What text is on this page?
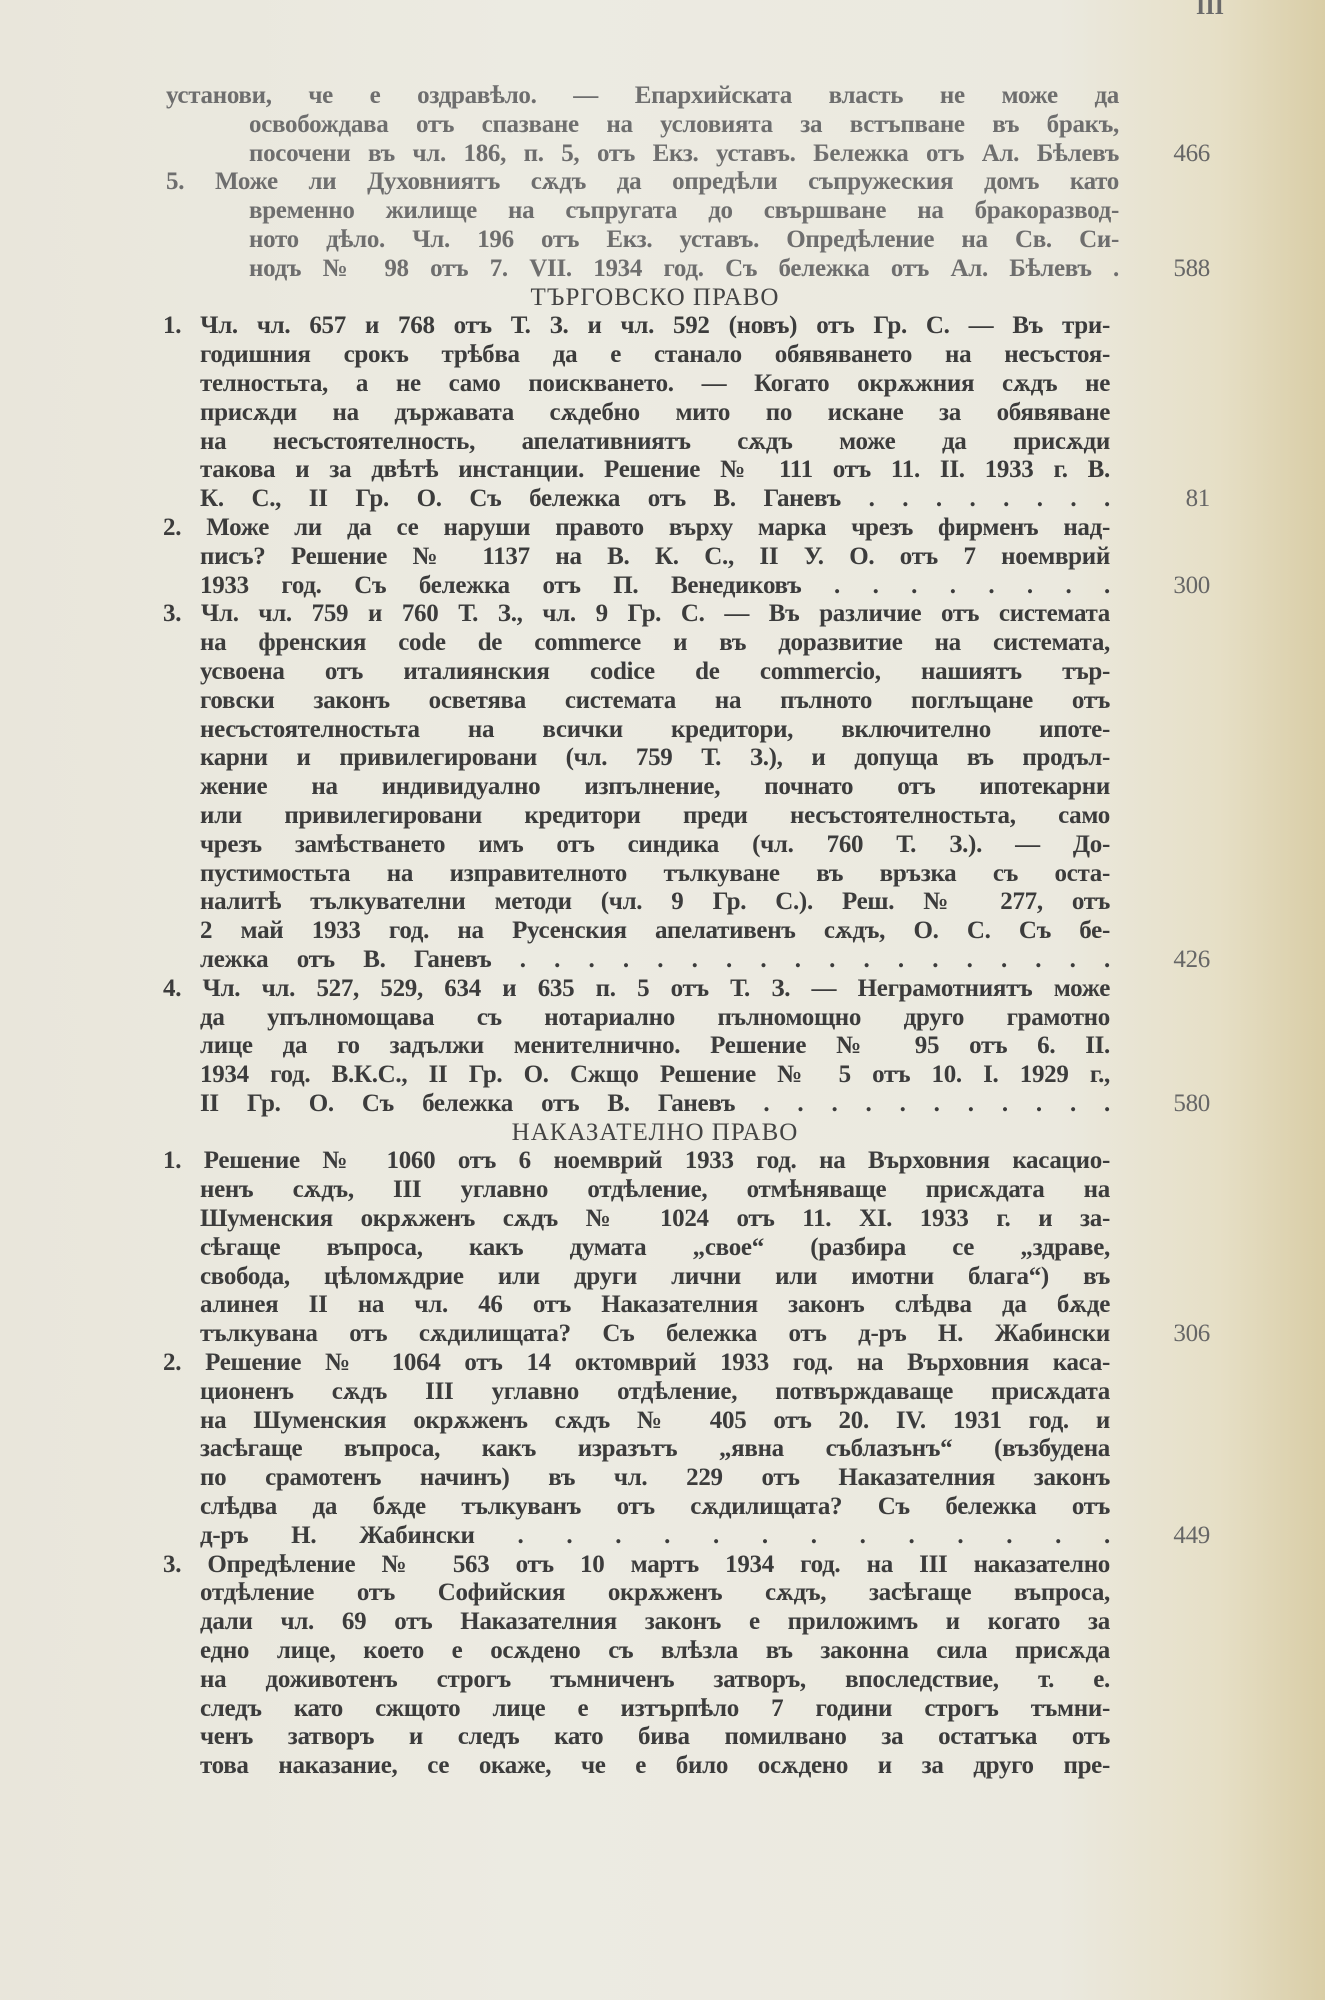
III
установи, че е оздравѣло. — Епархийската власть не може да
освобождава отъ спазване на условията за встъпване въ бракъ,
посочени въ чл. 186, п. 5, отъ Екз. уставъ. Бележка отъ Ал. Бѣлевъ 466
5. Може ли Духовниятъ сѫдъ да опредѣли съпружеския домъ като
временно жилище на съпругата до свършване на бракоразвод-
ното дѣло. Чл. 196 отъ Екз. уставъ. Опредѣление на Св. Си-
нодъ № 98 отъ 7. VII. 1934 год. Съ бележка отъ Ал. Бѣлевъ . 588
ТЪРГОВСКО ПРАВО
1. Чл. чл. 657 и 768 отъ Т. З. и чл. 592 (новъ) отъ Гр. С. — Въ три-
годишния срокъ трѣбва да е станало обявяването на несъстоя-
телностьта, а не само поискването. — Когато окрѫжния сѫдъ не
присѫди на държавата сѫдебно мито по искане за обявяване
на несъстоятелность, апелативниятъ сѫдъ може да присѫди
такова и за двѣтѣ инстанции. Решение № 111 отъ 11. II. 1933 г. В.
К. С., II Гр. О. Съ бележка отъ В. Ганевъ . . . . . . . .	81
2. Може ли да се наруши правото върху марка чрезъ фирменъ над-
писъ? Решение № 1137 на В. К. С., II У. О. отъ 7 ноемврий
1933 год. Съ бележка отъ П. Венедиковъ . . . . . . . .	300
3. Чл. чл. 759 и 760 Т. З., чл. 9 Гр. С. — Въ различие отъ системата
на френския code de commerce и въ доразвитие на системата,
усвоена отъ италиянския codice de commercio, нашиятъ тър-
говски законъ осветява системата на пълното поглъщане отъ
несъстоятелностьта на всички кредитори, включително ипоте-
карни и привилегировани (чл. 759 Т. З.), и допуща въ продъл-
жение на индивидуално изпълнение, почнато отъ ипотекарни
или привилегировани кредитори преди несъстоятелностьта, само
чрезъ замѣстването имъ отъ синдика (чл. 760 Т. З.). — До-
пустимостьта на изправителното тълкуване въ връзка съ оста-
налитѣ тълкувателни методи (чл. 9 Гр. С.). Реш. № 277, отъ
2 май 1933 год. на Русенския апелативенъ сѫдъ, О. С. Съ бе-
лежка отъ В. Ганевъ . . . . . . . . . . . . . . . . . .	426
4. Чл. чл. 527, 529, 634 и 635 п. 5 отъ Т. З. — Неграмотниятъ може
да упълномощава съ нотариално пълномощно друго грамотно
лице да го задължи менителнично. Решение № 95 отъ 6. II.
1934 год. В.К.С., II Гр. О. Сжщо Решение № 5 отъ 10. I. 1929 г.,
II Гр. О. Съ бележка отъ В. Ганевъ . . . . . . . . . . .	580
НАКАЗАТЕЛНО ПРАВО
1. Решение № 1060 отъ 6 ноемврий 1933 год. на Върховния касацио-
ненъ сѫдъ, III углавно отдѣление, отмѣняваще присѫдата на
Шуменския окрѫженъ сѫдъ № 1024 отъ 11. XI. 1933 г. и за-
сѣгаще въпроса, какъ думата „свое“ (разбира се „здраве,
свобода, цѣломѫдрие или други лични или имотни блага“) въ
алинея II на чл. 46 отъ Наказателния законъ слѣдва да бѫде
тълкувана отъ сѫдилищата? Съ бележка отъ д-ръ Н. Жабински	306
2. Решение № 1064 отъ 14 октомврий 1933 год. на Върховния каса-
ционенъ сѫдъ III углавно отдѣление, потвърждаваще присѫдата
на Шуменския окрѫженъ сѫдъ № 405 отъ 20. IV. 1931 год. и
засѣгаще въпроса, какъ изразътъ „явна съблазънъ“ (възбудена
по срамотенъ начинъ) въ чл. 229 отъ Наказателния законъ
слѣдва да бѫде тълкуванъ отъ сѫдилищата? Съ бележка отъ
д-ръ Н. Жабински . . . . . . . . . . . . .	449
3. Опредѣление № 563 отъ 10 мартъ 1934 год. на III наказателно
отдѣление отъ Софийския окрѫженъ сѫдъ, засѣгаще въпроса,
дали чл. 69 отъ Наказателния законъ е приложимъ и когато за
едно лице, което е осѫдено съ влѣзла въ законна сила присѫда
на доживотенъ строгъ тъмниченъ затворъ, впоследствие, т. е.
следъ като сжщото лице е изтърпѣло 7 години строгъ тъмни-
ченъ затворъ и следъ като бива помилвано за остатъка отъ
това наказание, се окаже, че е било осѫдено и за друго пре-
